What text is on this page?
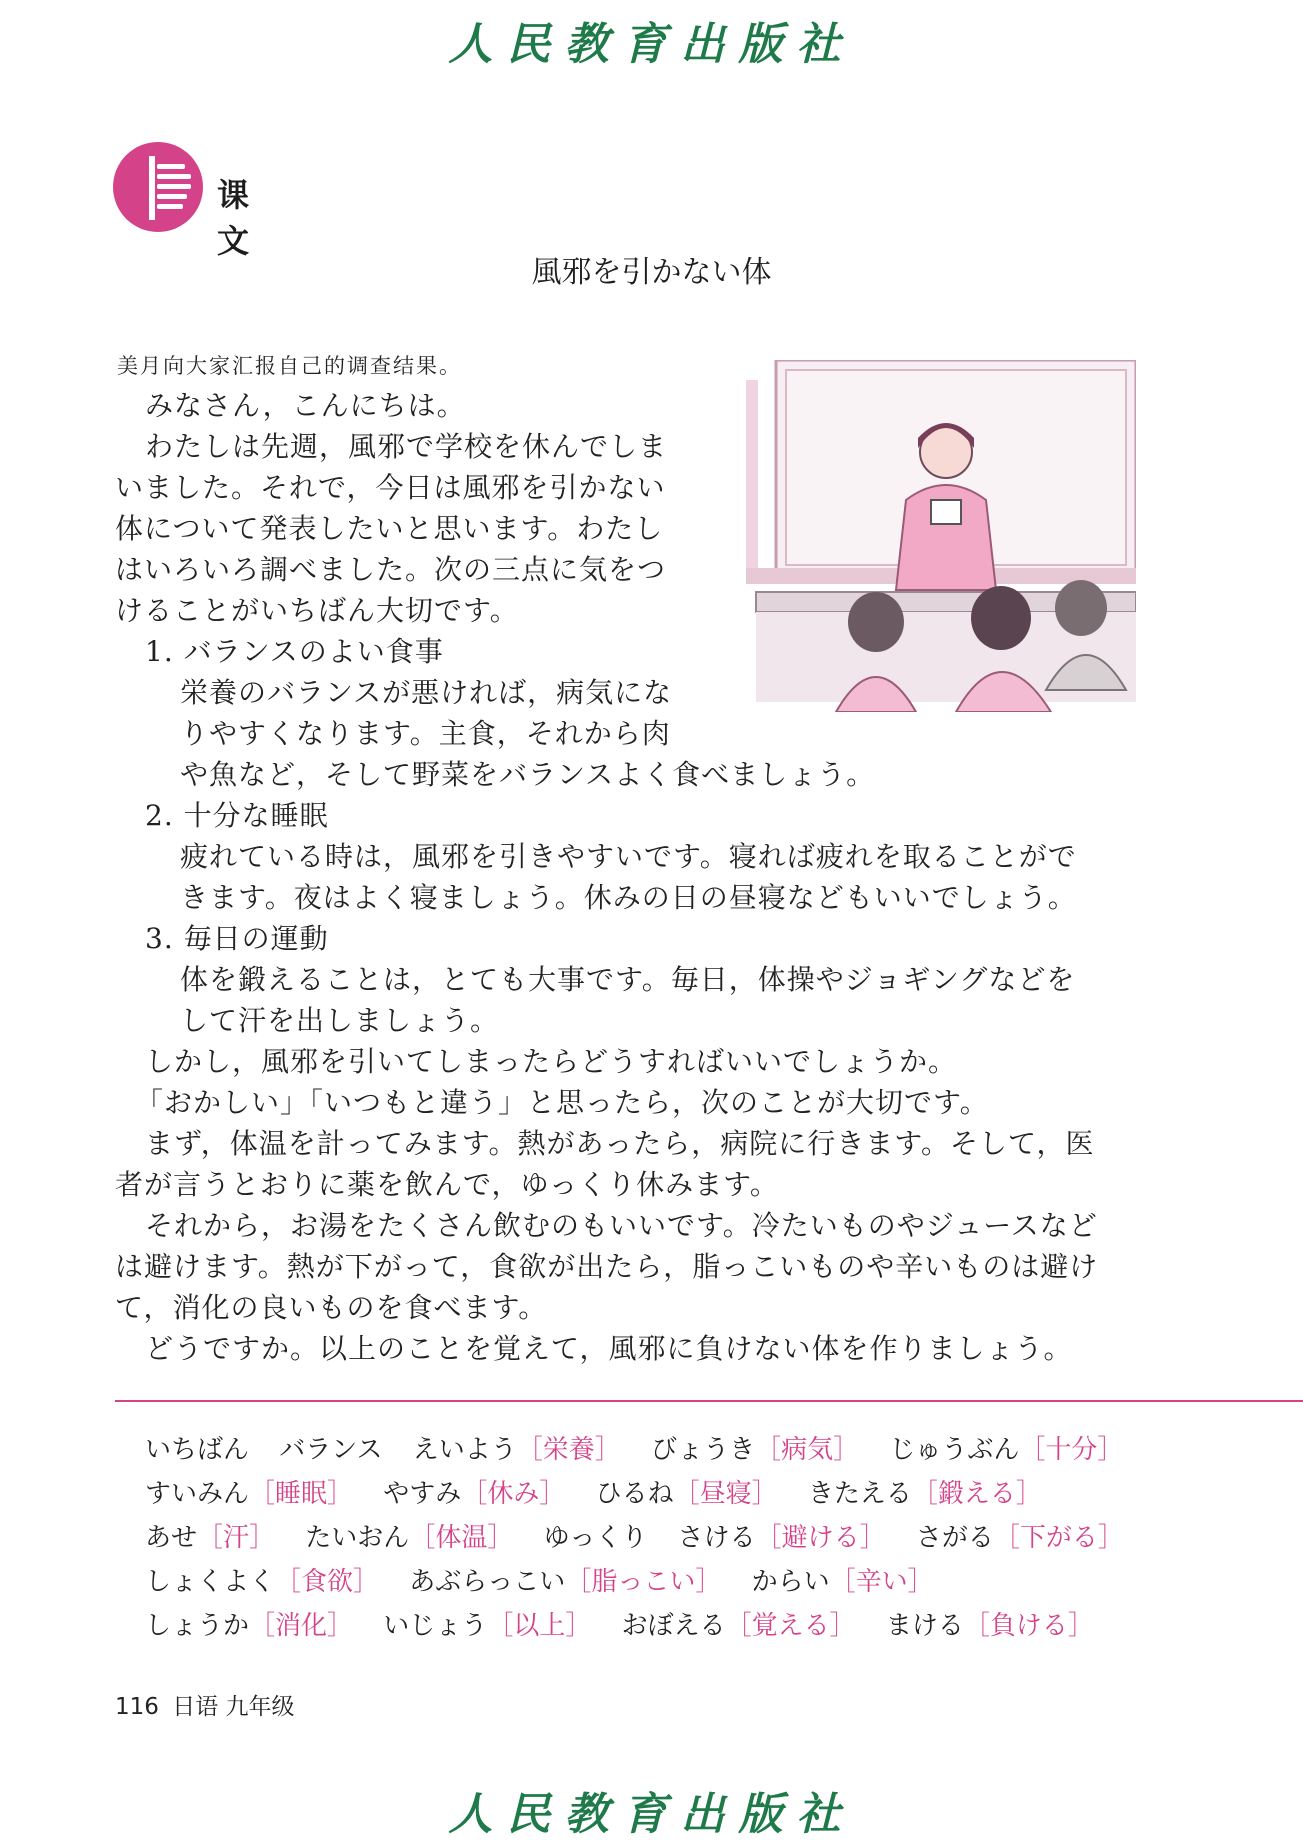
人民教育出版社
课 文
風邪を引かない体
美月向大家汇报自己的调查结果。
みなさん，こんにちは。
わたしは先週，風邪で学校を休んでしま
いました。それで，今日は風邪を引かない
体について発表したいと思います。わたし
はいろいろ調べました。次の三点に気をつ
けることがいちばん大切です。
1. バランスのよい食事
栄養のバランスが悪ければ，病気にな
りやすくなります。主食，それから肉
や魚など，そして野菜をバランスよく食べましょう。
2. 十分な睡眠
疲れている時は，風邪を引きやすいです。寝れば疲れを取ることがで
きます。夜はよく寝ましょう。休みの日の昼寝などもいいでしょう。
3. 毎日の運動
体を鍛えることは，とても大事です。毎日，体操やジョギングなどを
して汗を出しましょう。
しかし，風邪を引いてしまったらどうすればいいでしょうか。
「おかしい」「いつもと違う」と思ったら，次のことが大切です。
まず，体温を計ってみます。熱があったら，病院に行きます。そして，医
者が言うとおりに薬を飲んで，ゆっくり休みます。
それから，お湯をたくさん飲むのもいいです。冷たいものやジュースなど
は避けます。熱が下がって，食欲が出たら，脂っこいものや辛いものは避け
て，消化の良いものを食べます。
どうですか。以上のことを覚えて，風邪に負けない体を作りましょう。
いちばん バランス えいよう［栄養］ びょうき［病気］ じゅうぶん［十分］ すいみん［睡眠］ やすみ［休み］ ひるね［昼寝］ きたえる［鍛える］ あせ［汗］ たいおん［体温］ ゆっくり さける［避ける］ さがる［下がる］ しょくよく［食欲］ あぶらっこい［脂っこい］ からい［辛い］ しょうか［消化］ いじょう［以上］ おぼえる［覚える］ まける［負ける］
116 日语 九年级
人民教育出版社
